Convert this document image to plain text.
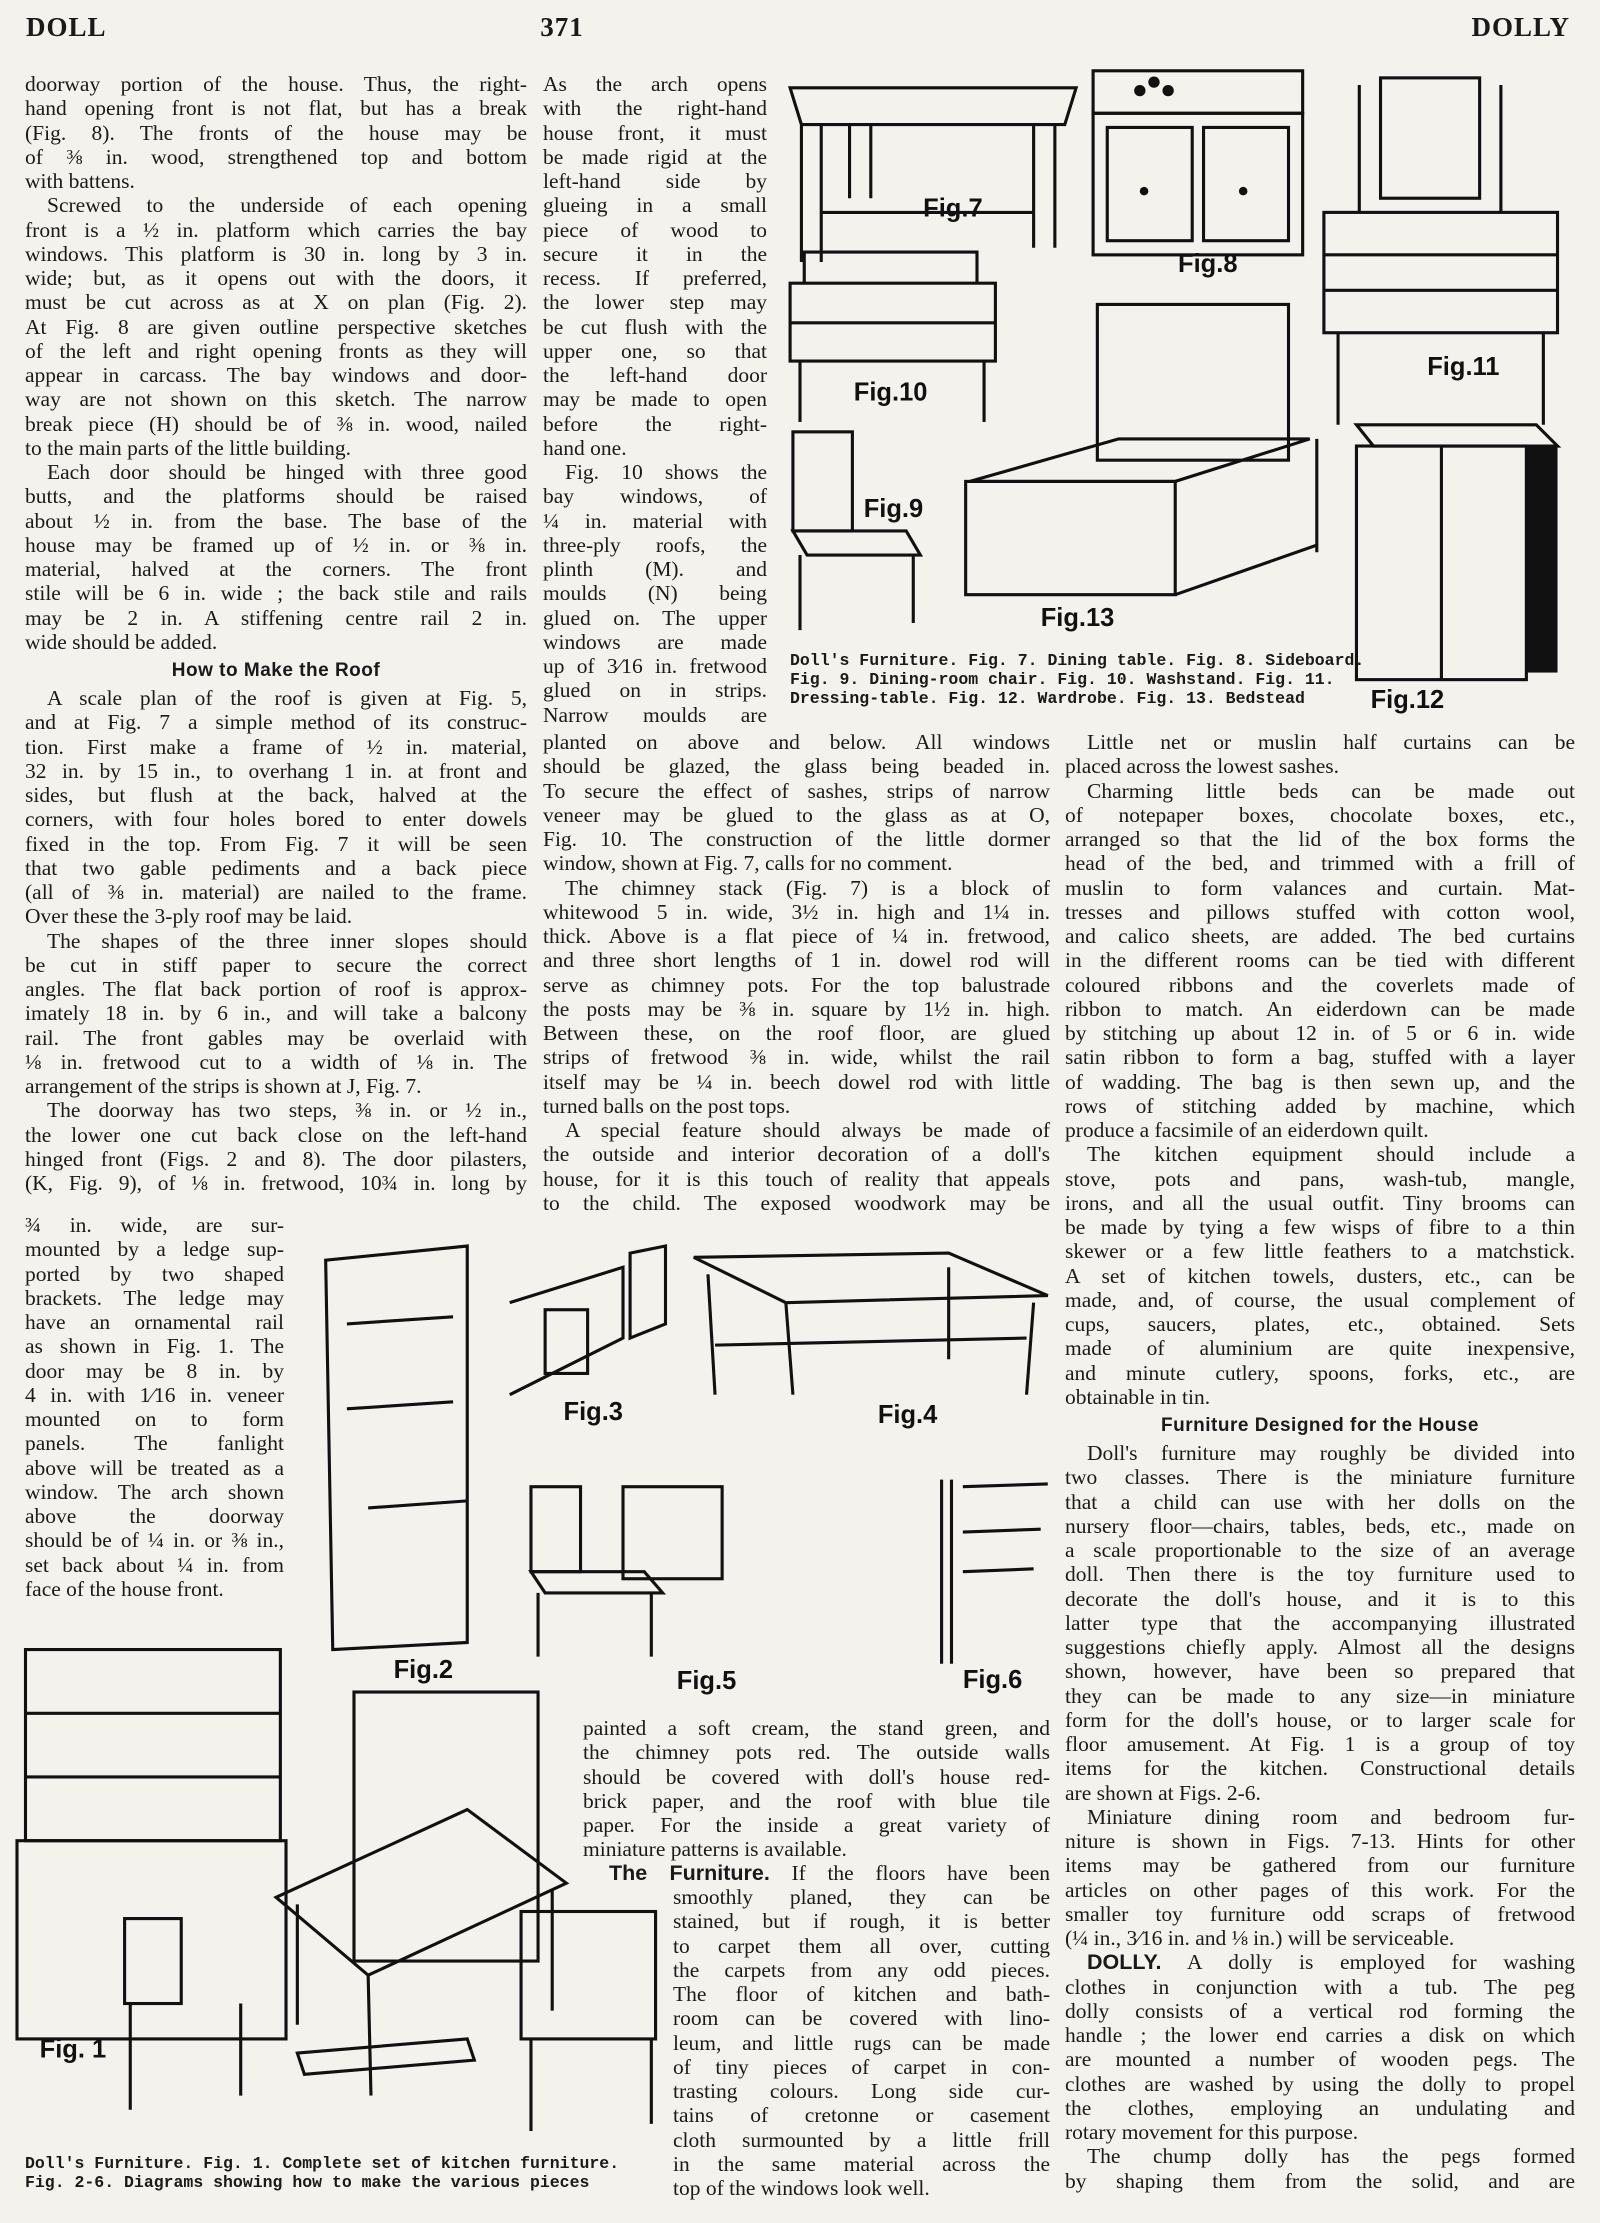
DOLL	371	DOLLY
doorway portion of the house. Thus, the right-
hand opening front is not flat, but has a break
(Fig. 8). The fronts of the house may be
of ⅜ in. wood, strengthened top and bottom
with battens.
Screwed to the underside of each opening
front is a ½ in. platform which carries the bay
windows. This platform is 30 in. long by 3 in.
wide; but, as it opens out with the doors, it
must be cut across as at X on plan (Fig. 2).
At Fig. 8 are given outline perspective sketches
of the left and right opening fronts as they will
appear in carcass. The bay windows and door-
way are not shown on this sketch. The narrow
break piece (H) should be of ⅜ in. wood, nailed
to the main parts of the little building.
Each door should be hinged with three good
butts, and the platforms should be raised
about ½ in. from the base. The base of the
house may be framed up of ½ in. or ⅜ in.
material, halved at the corners. The front
stile will be 6 in. wide ; the back stile and rails
may be 2 in. A stiffening centre rail 2 in.
wide should be added.
How to Make the Roof
A scale plan of the roof is given at Fig. 5,
and at Fig. 7 a simple method of its construc-
tion. First make a frame of ½ in. material,
32 in. by 15 in., to overhang 1 in. at front and
sides, but flush at the back, halved at the
corners, with four holes bored to enter dowels
fixed in the top. From Fig. 7 it will be seen
that two gable pediments and a back piece
(all of ⅜ in. material) are nailed to the frame.
Over these the 3-ply roof may be laid.
The shapes of the three inner slopes should
be cut in stiff paper to secure the correct
angles. The flat back portion of roof is approx-
imately 18 in. by 6 in., and will take a balcony
rail. The front gables may be overlaid with
⅛ in. fretwood cut to a width of ⅛ in. The
arrangement of the strips is shown at J, Fig. 7.
The doorway has two steps, ⅜ in. or ½ in.,
the lower one cut back close on the left-hand
hinged front (Figs. 2 and 8). The door pilasters,
(K, Fig. 9), of ⅛ in. fretwood, 10¾ in. long by
¾ in. wide, are sur-
mounted by a ledge sup-
ported by two shaped
brackets. The ledge may
have an ornamental rail
as shown in Fig. 1. The
door may be 8 in. by
4 in. with 1⁄16 in. veneer
mounted on to form
panels. The fanlight
above will be treated as a
window. The arch shown
above the doorway
should be of ¼ in. or ⅜ in.,
set back about ¼ in. from
face of the house front.
As the arch opens
with the right-hand
house front, it must
be made rigid at the
left-hand side by
glueing in a small
piece of wood to
secure it in the
recess. If preferred,
the lower step may
be cut flush with the
upper one, so that
the left-hand door
may be made to open
before the right-
hand one.
Fig. 10 shows the
bay windows, of
¼ in. material with
three-ply roofs, the
plinth (M). and
moulds (N) being
glued on. The upper
windows are made
up of 3⁄16 in. fretwood
glued on in strips.
Narrow moulds are
planted on above and below. All windows
should be glazed, the glass being beaded in.
To secure the effect of sashes, strips of narrow
veneer may be glued to the glass as at O,
Fig. 10. The construction of the little dormer
window, shown at Fig. 7, calls for no comment.
The chimney stack (Fig. 7) is a block of
whitewood 5 in. wide, 3½ in. high and 1¼ in.
thick. Above is a flat piece of ¼ in. fretwood,
and three short lengths of 1 in. dowel rod will
serve as chimney pots. For the top balustrade
the posts may be ⅜ in. square by 1½ in. high.
Between these, on the roof floor, are glued
strips of fretwood ⅜ in. wide, whilst the rail
itself may be ¼ in. beech dowel rod with little
turned balls on the post tops.
A special feature should always be made of
the outside and interior decoration of a doll's
house, for it is this touch of reality that appeals
to the child. The exposed woodwork may be
painted a soft cream, the stand green, and
the chimney pots red. The outside walls
should be covered with doll's house red-
brick paper, and the roof with blue tile
paper. For the inside a great variety of
miniature patterns is available.
The Furniture. If the floors have been
smoothly planed, they can be
stained, but if rough, it is better
to carpet them all over, cutting
the carpets from any odd pieces.
The floor of kitchen and bath-
room can be covered with lino-
leum, and little rugs can be made
of tiny pieces of carpet in con-
trasting colours. Long side cur-
tains of cretonne or casement
cloth surmounted by a little frill
in the same material across the
top of the windows look well.
Little net or muslin half curtains can be
placed across the lowest sashes.
Charming little beds can be made out
of notepaper boxes, chocolate boxes, etc.,
arranged so that the lid of the box forms the
head of the bed, and trimmed with a frill of
muslin to form valances and curtain. Mat-
tresses and pillows stuffed with cotton wool,
and calico sheets, are added. The bed curtains
in the different rooms can be tied with different
coloured ribbons and the coverlets made of
ribbon to match. An eiderdown can be made
by stitching up about 12 in. of 5 or 6 in. wide
satin ribbon to form a bag, stuffed with a layer
of wadding. The bag is then sewn up, and the
rows of stitching added by machine, which
produce a facsimile of an eiderdown quilt.
The kitchen equipment should include a
stove, pots and pans, wash-tub, mangle,
irons, and all the usual outfit. Tiny brooms can
be made by tying a few wisps of fibre to a thin
skewer or a few little feathers to a matchstick.
A set of kitchen towels, dusters, etc., can be
made, and, of course, the usual complement of
cups, saucers, plates, etc., obtained. Sets
made of aluminium are quite inexpensive,
and minute cutlery, spoons, forks, etc., are
obtainable in tin.
Furniture Designed for the House
Doll's furniture may roughly be divided into
two classes. There is the miniature furniture
that a child can use with her dolls on the
nursery floor—chairs, tables, beds, etc., made on
a scale proportionable to the size of an average
doll. Then there is the toy furniture used to
decorate the doll's house, and it is to this
latter type that the accompanying illustrated
suggestions chiefly apply. Almost all the designs
shown, however, have been so prepared that
they can be made to any size—in miniature
form for the doll's house, or to larger scale for
floor amusement. At Fig. 1 is a group of toy
items for the kitchen. Constructional details
are shown at Figs. 2-6.
Miniature dining room and bedroom fur-
niture is shown in Figs. 7-13. Hints for other
items may be gathered from our furniture
articles on other pages of this work. For the
smaller toy furniture odd scraps of fretwood
(¼ in., 3⁄16 in. and ⅛ in.) will be serviceable.
DOLLY. A dolly is employed for washing
clothes in conjunction with a tub. The peg
dolly consists of a vertical rod forming the
handle ; the lower end carries a disk on which
are mounted a number of wooden pegs. The
clothes are washed by using the dolly to propel
the clothes, employing an undulating and
rotary movement for this purpose.
The chump dolly has the pegs formed
by shaping them from the solid, and are
Doll's Furniture. Fig. 7. Dining table. Fig. 8. Sideboard.
Fig. 9. Dining-room chair. Fig. 10. Washstand. Fig. 11.
Dressing-table. Fig. 12. Wardrobe. Fig. 13. Bedstead
Doll's Furniture. Fig. 1. Complete set of kitchen furniture.
Fig. 2-6. Diagrams showing how to make the various pieces
Fig.7
Fig.8
Fig.11
Fig.10
Fig.9
Fig.13
Fig.12
Fig.2
Fig.3	Fig.4
Fig.5	Fig.6
Fig. 1
